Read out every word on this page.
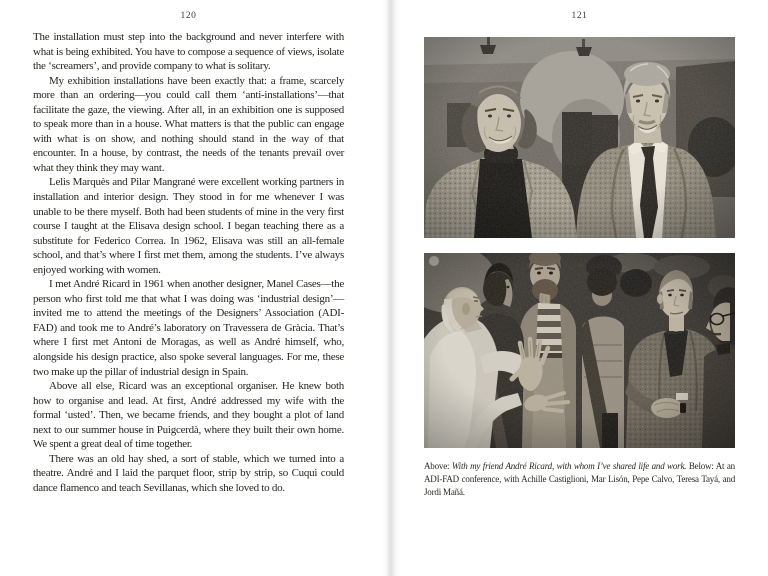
120

The installation must step into the background and never interfere with what is being exhibited. You have to compose a sequence of views, isolate the ‘screamers’, and provide company to what is solitary.

My exhibition installations have been exactly that: a frame, scarcely more than an ordering—you could call them ‘anti-installations’—that facilitate the gaze, the viewing. After all, in an exhibition one is supposed to speak more than in a house. What matters is that the public can engage with what is on show, and nothing should stand in the way of that encounter. In a house, by contrast, the needs of the tenants prevail over what they think they may want.

Lelis Marquès and Pilar Mangrané were excellent working partners in installation and interior design. They stood in for me whenever I was unable to be there myself. Both had been students of mine in the very first course I taught at the Elisava design school. I began teaching there as a substitute for Federico Correa. In 1962, Elisava was still an all-female school, and that’s where I first met them, among the students. I’ve always enjoyed working with women.

I met André Ricard in 1961 when another designer, Manel Cases—the person who first told me that what I was doing was ‘industrial design’—invited me to attend the meetings of the Designers’ Association (ADI-FAD) and took me to André’s laboratory on Travessera de Gràcia. That’s where I first met Antoni de Moragas, as well as André himself, who, alongside his design practice, also spoke several languages. For me, these two make up the pillar of industrial design in Spain.

Above all else, Ricard was an exceptional organiser. He knew both how to organise and lead. At first, André addressed my wife with the formal ‘usted’. Then, we became friends, and they bought a plot of land next to our summer house in Puigcerdà, where they built their own home. We spent a great deal of time together.

There was an old hay shed, a sort of stable, which we turned into a theatre. André and I laid the parquet floor, strip by strip, so Cuqui could dance flamenco and teach Sevillanas, which she loved to do.

121
Above: With my friend André Ricard, with whom I’ve shared life and work. Below: At an ADI-FAD conference, with Achille Castiglioni, Mar Lisón, Pepe Calvo, Teresa Tayá, and Jordi Mañá.
